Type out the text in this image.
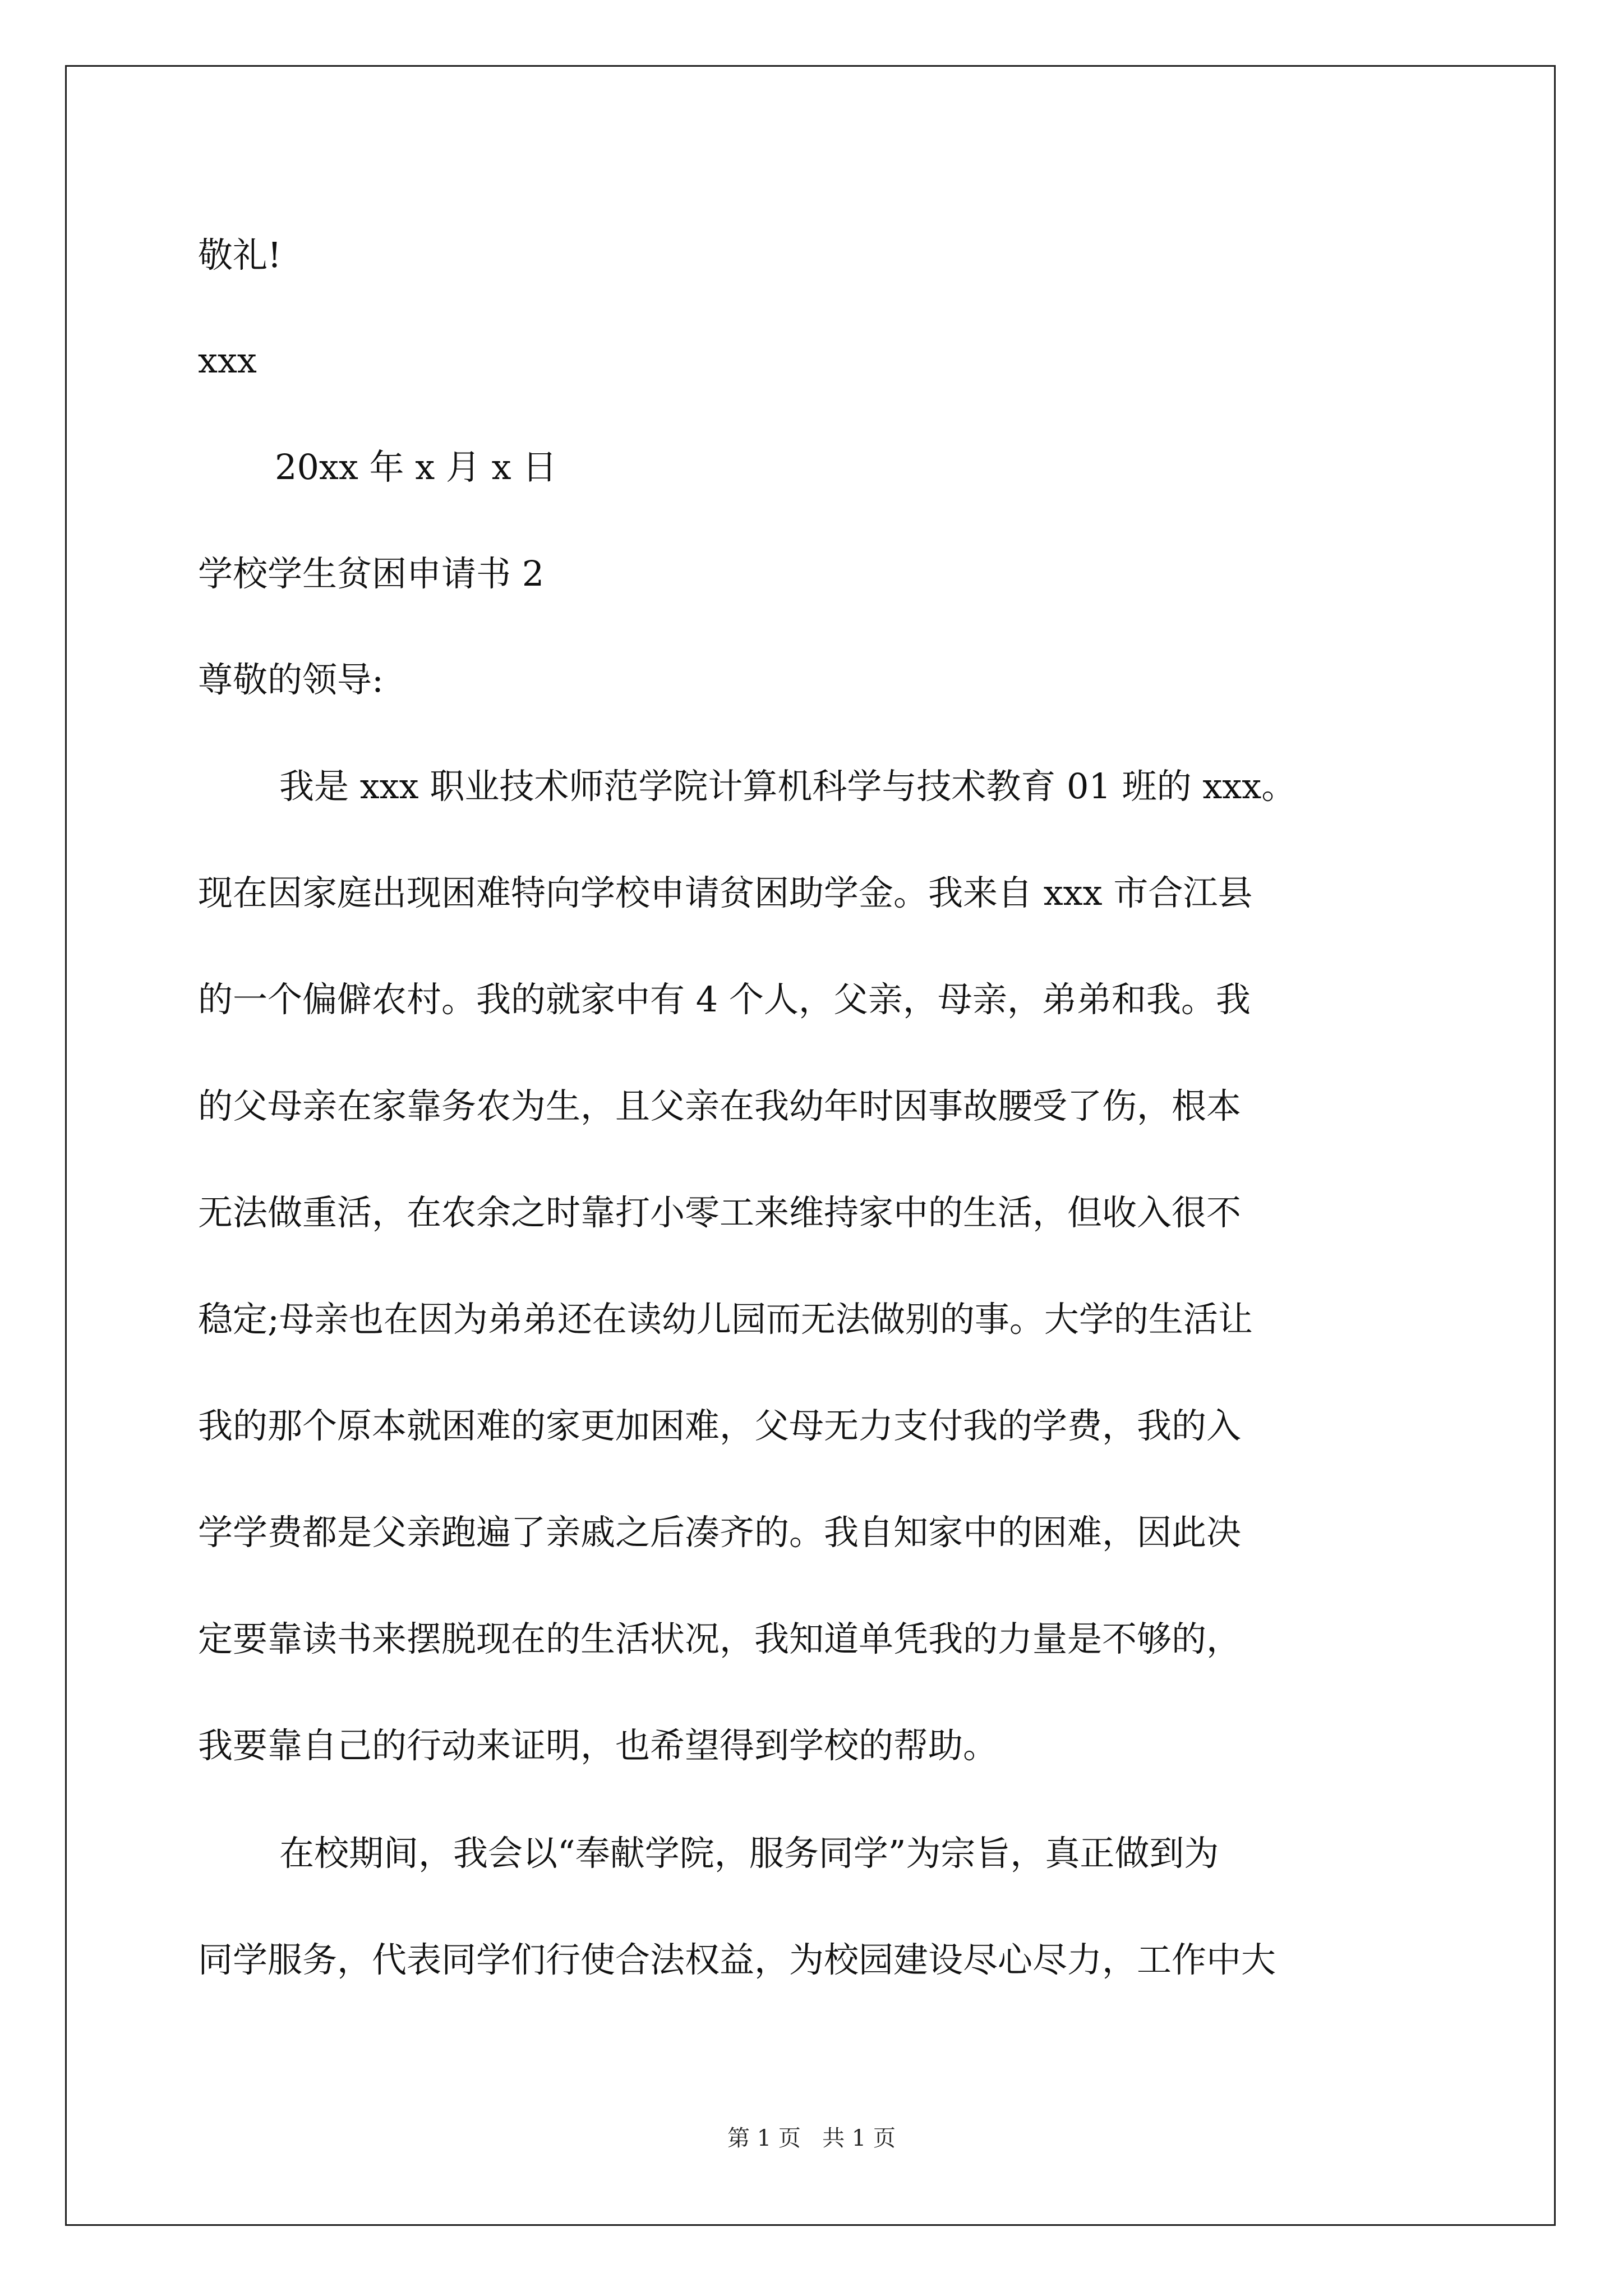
敬礼!
xxx
20xx 年 x 月 x 日
学校学生贫困申请书 2
尊敬的领导:
我是 xxx 职业技术师范学院计算机科学与技术教育 01 班的 xxx。
现在因家庭出现困难特向学校申请贫困助学金。我来自 xxx 市合江县
的一个偏僻农村。我的就家中有 4 个人，父亲，母亲，弟弟和我。我
的父母亲在家靠务农为生，且父亲在我幼年时因事故腰受了伤，根本
无法做重活，在农余之时靠打小零工来维持家中的生活，但收入很不
稳定;母亲也在因为弟弟还在读幼儿园而无法做别的事。大学的生活让
我的那个原本就困难的家更加困难，父母无力支付我的学费，我的入
学学费都是父亲跑遍了亲戚之后凑齐的。我自知家中的困难，因此决
定要靠读书来摆脱现在的生活状况，我知道单凭我的力量是不够的，
我要靠自己的行动来证明，也希望得到学校的帮助。
在校期间，我会以“奉献学院，服务同学”为宗旨，真正做到为
同学服务，代表同学们行使合法权益，为校园建设尽心尽力，工作中大
第 1 页   共 1 页
